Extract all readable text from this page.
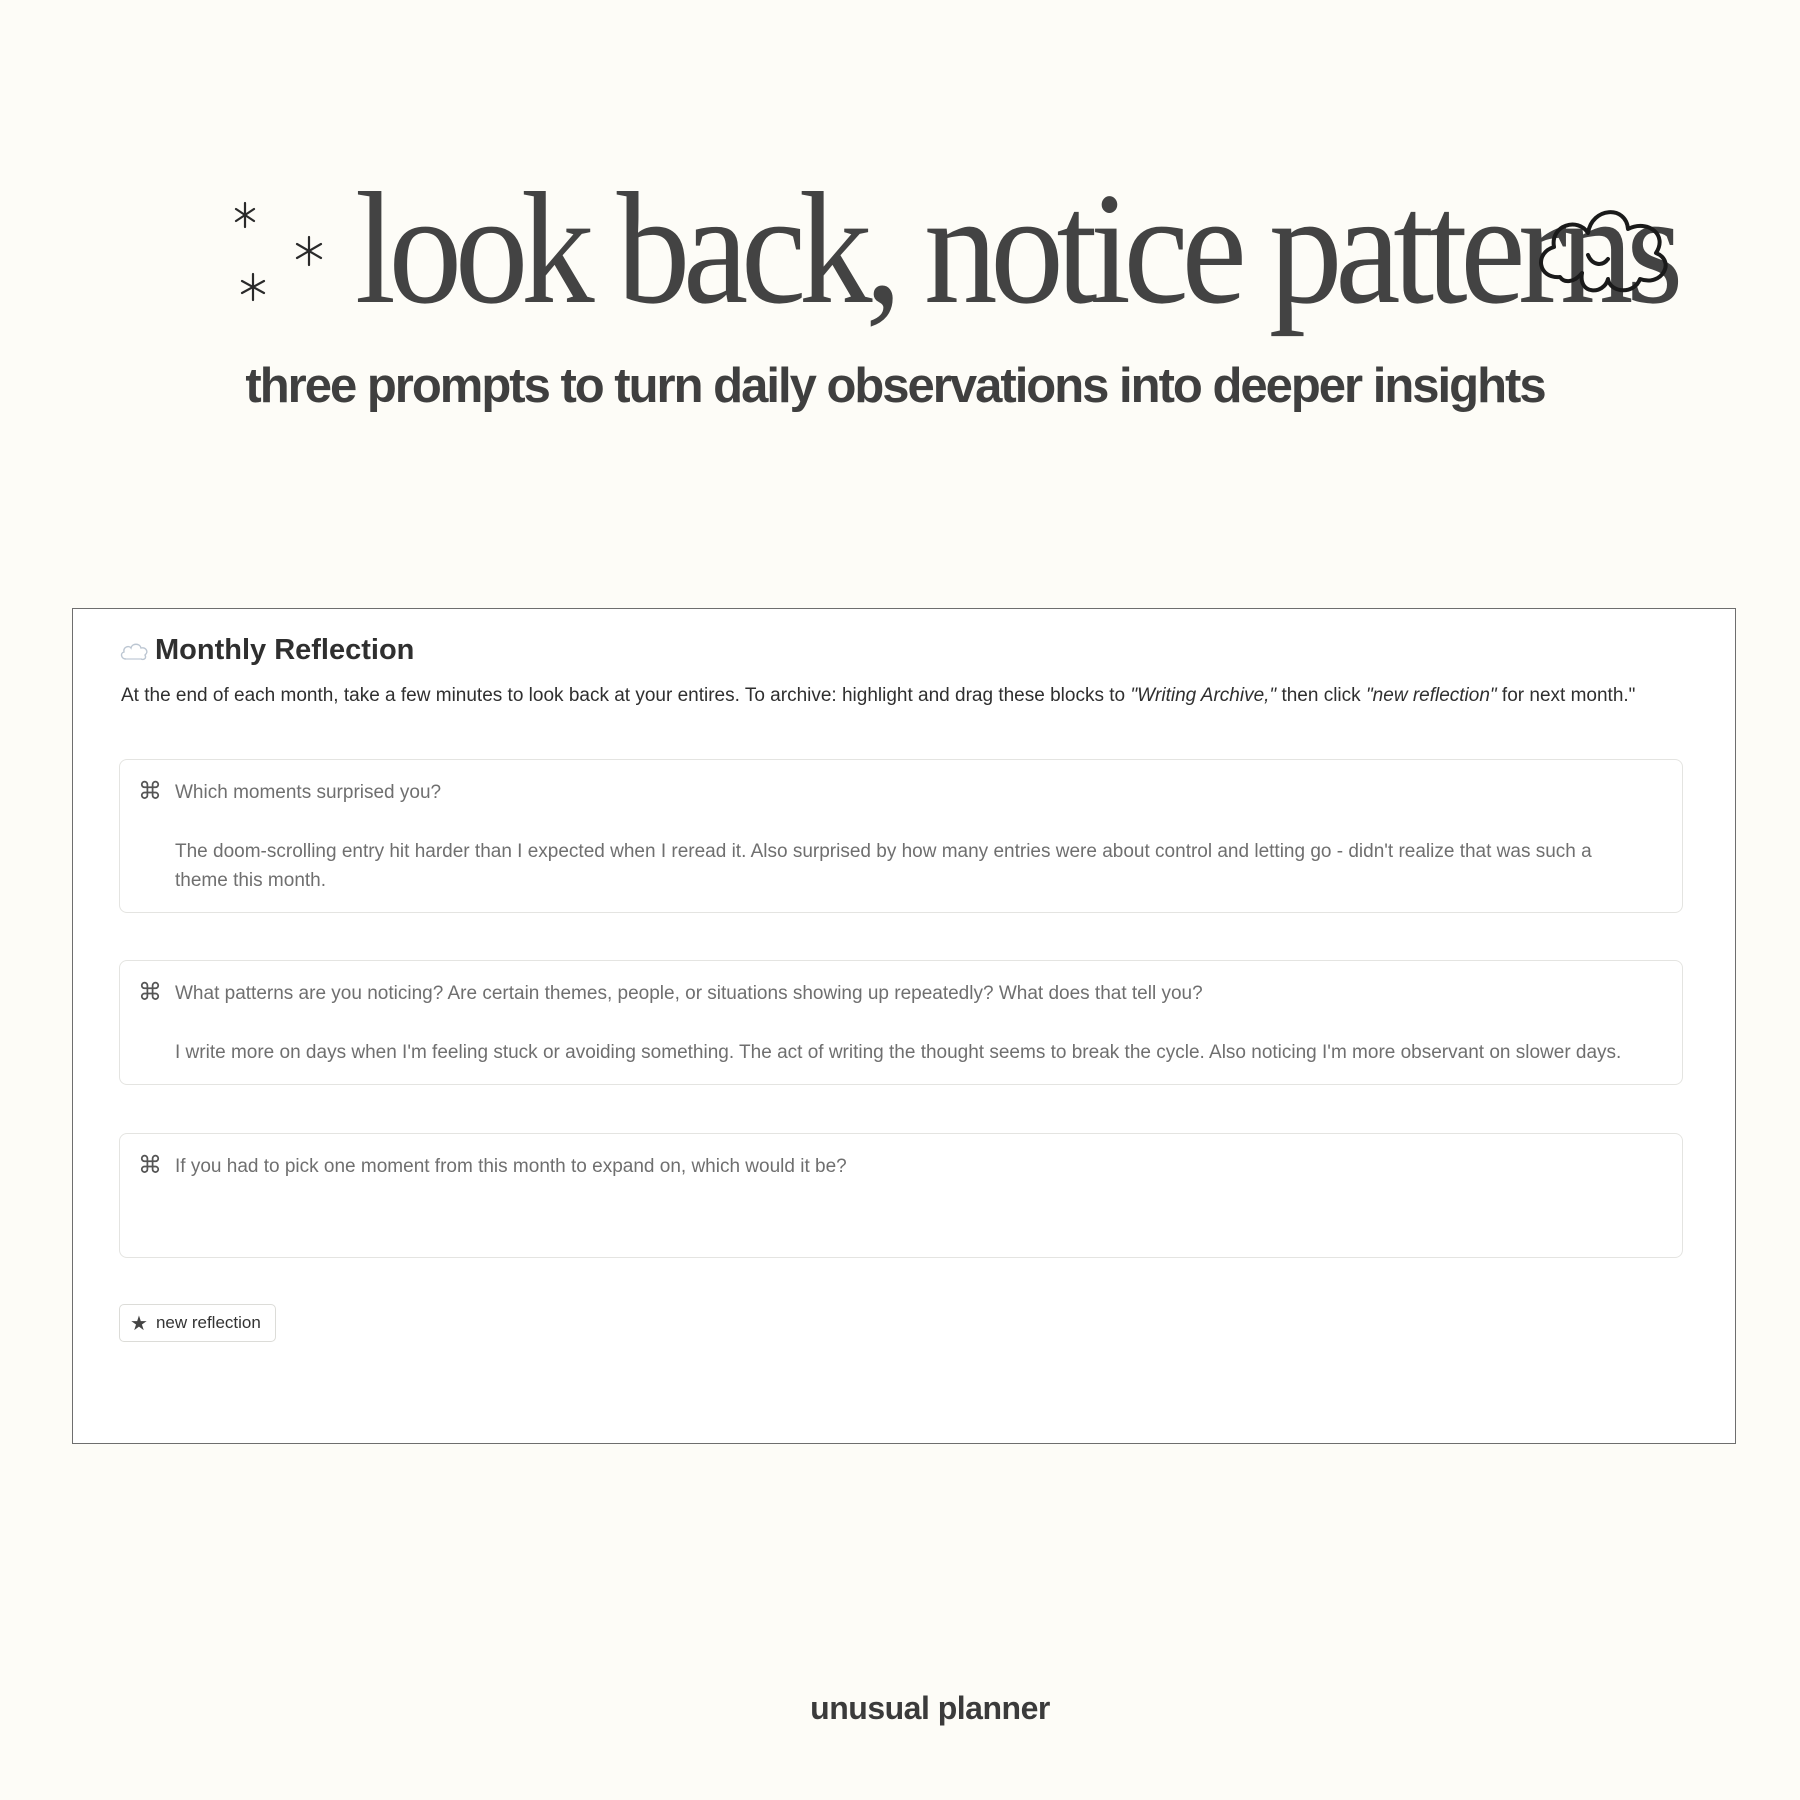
look back, notice patterns

three prompts to turn daily observations into deeper insights

Monthly Reflection

At the end of each month, take a few minutes to look back at your entires. To archive: highlight and drag these blocks to "Writing Archive," then click "new reflection" for next month."

⌘ Which moments surprised you?

The doom-scrolling entry hit harder than I expected when I reread it. Also surprised by how many entries were about control and letting go - didn't realize that was such a theme this month.

⌘ What patterns are you noticing? Are certain themes, people, or situations showing up repeatedly? What does that tell you?

I write more on days when I'm feeling stuck or avoiding something. The act of writing the thought seems to break the cycle. Also noticing I'm more observant on slower days.

⌘ If you had to pick one moment from this month to expand on, which would it be?

★ new reflection

unusual planner
